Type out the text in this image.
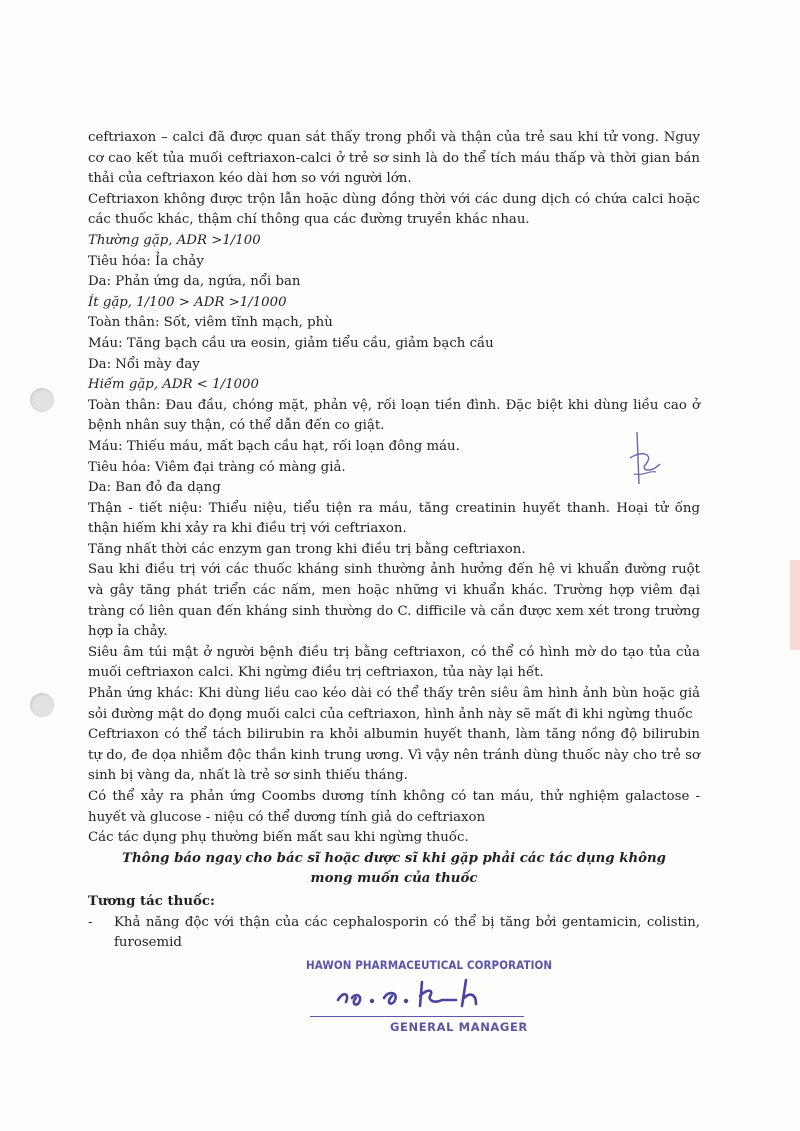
ceftriaxon – calci đã được quan sát thấy trong phổi và thận của trẻ sau khi tử vong. Nguy cơ cao kết tủa muối ceftriaxon-calci ở trẻ sơ sinh là do thể tích máu thấp và thời gian bán thải của ceftriaxon kéo dài hơn so với người lớn.

Ceftriaxon không được trộn lẫn hoặc dùng đồng thời với các dung dịch có chứa calci hoặc các thuốc khác, thậm chí thông qua các đường truyền khác nhau.

Thường gặp, ADR >1/100

Tiêu hóa: Ỉa chảy

Da: Phản ứng da, ngứa, nổi ban

Ít gặp, 1/100 > ADR >1/1000

Toàn thân: Sốt, viêm tĩnh mạch, phù

Máu: Tăng bạch cầu ưa eosin, giảm tiểu cầu, giảm bạch cầu

Da: Nổi mày đay

Hiếm gặp, ADR < 1/1000

Toàn thân: Đau đầu, chóng mặt, phản vệ, rối loạn tiền đình. Đặc biệt khi dùng liều cao ở bệnh nhân suy thận, có thể dẫn đến co giật.

Máu: Thiếu máu, mất bạch cầu hạt, rối loạn đông máu.

Tiêu hóa: Viêm đại tràng có màng giả.

Da: Ban đỏ đa dạng

Thận - tiết niệu: Thiểu niệu, tiểu tiện ra máu, tăng creatinin huyết thanh. Hoại tử ống thận hiếm khi xảy ra khi điều trị với ceftriaxon.

Tăng nhất thời các enzym gan trong khi điều trị bằng ceftriaxon.

Sau khi điều trị với các thuốc kháng sinh thường ảnh hưởng đến hệ vi khuẩn đường ruột và gây tăng phát triển các nấm, men hoặc những vi khuẩn khác. Trường hợp viêm đại tràng có liên quan đến kháng sinh thường do C. difficile và cần được xem xét trong trường hợp ỉa chảy.

Siêu âm túi mật ở người bệnh điều trị bằng ceftriaxon, có thể có hình mờ do tạo tủa của muối ceftriaxon calci. Khi ngừng điều trị ceftriaxon, tủa này lại hết.

Phản ứng khác: Khi dùng liều cao kéo dài có thể thấy trên siêu âm hình ảnh bùn hoặc giả sỏi đường mật do đọng muối calci của ceftriaxon, hình ảnh này sẽ mất đi khi ngừng thuốc

Ceftriaxon có thể tách bilirubin ra khỏi albumin huyết thanh, làm tăng nồng độ bilirubin tự do, đe dọa nhiễm độc thần kinh trung ương. Vì vậy nên tránh dùng thuốc này cho trẻ sơ sinh bị vàng da, nhất là trẻ sơ sinh thiếu tháng.

Có thể xảy ra phản ứng Coombs dương tính không có tan máu, thử nghiệm galactose - huyết và glucose - niệu có thể dương tính giả do ceftriaxon

Các tác dụng phụ thường biến mất sau khi ngừng thuốc.

Thông báo ngay cho bác sĩ hoặc dược sĩ khi gặp phải các tác dụng không mong muốn của thuốc

Tương tác thuốc:

-	Khả năng độc với thận của các cephalosporin có thể bị tăng bởi gentamicin, colistin, furosemid
HAWON PHARMACEUTICAL CORPORATION
GENERAL MANAGER
